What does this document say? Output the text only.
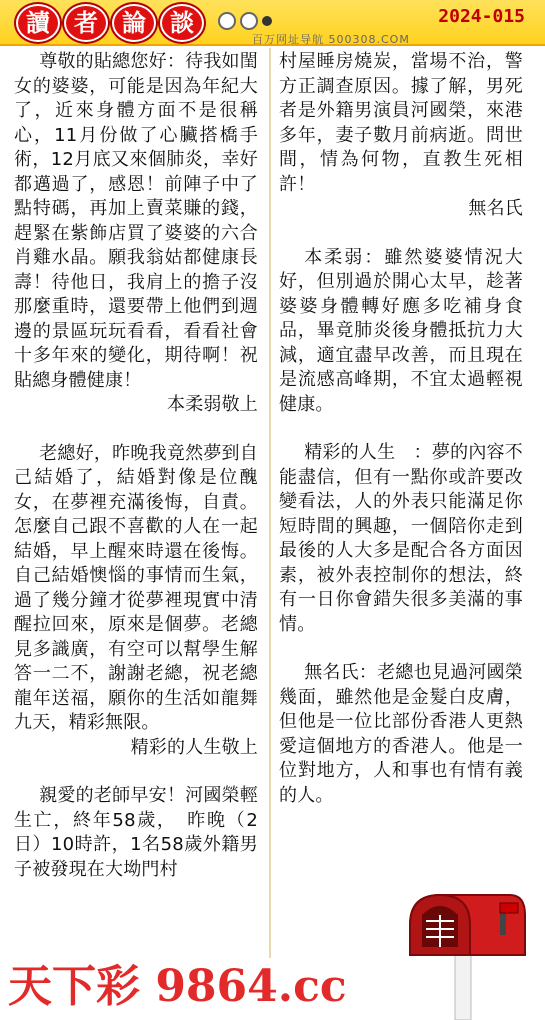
讀	者	論	談	2024-015
百万网址导航 500308.COM

尊敬的貼總您好：待我如閨女的婆婆，可能是因為年紀大了，近來身體方面不是很稱心，11月份做了心臟搭橋手術，12月底又來個肺炎，幸好都邁過了，感恩！前陣子中了點特碼，再加上賣菜賺的錢，趕緊在紫飾店買了婆婆的六合肖雞水晶。願我翁姑都健康長壽！待他日，我肩上的擔子沒那麼重時，還要帶上他們到週邊的景區玩玩看看，看看社會十多年來的變化，期待啊！祝貼總身體健康！

本柔弱敬上

老總好，昨晚我竟然夢到自己結婚了，結婚對像是位醜女，在夢裡充滿後悔，自責。怎麼自己跟不喜歡的人在一起結婚，早上醒來時還在後悔。自己結婚懊惱的事情而生氣，過了幾分鐘才從夢裡現實中清醒拉回來，原來是個夢。老總見多識廣，有空可以幫學生解答一二不，謝謝老總，祝老總龍年送福，願你的生活如龍舞九天，精彩無限。

精彩的人生敬上

親愛的老師早安！河國榮輕生亡，終年58歲，　昨晚（2日）10時許，1名58歲外籍男子被發現在大坳門村

村屋睡房燒炭，當場不治，警方正調查原因。據了解，男死者是外籍男演員河國榮，來港多年，妻子數月前病逝。問世間，情為何物，直教生死相許！

無名氏

本柔弱：雖然婆婆情況大好，但別過於開心太早，趁著婆婆身體轉好應多吃補身食品，畢竟肺炎後身體抵抗力大減，適宜盡早改善，而且現在是流感高峰期，不宜太過輕視健康。

精彩的人生　：夢的內容不能盡信，但有一點你或許要改變看法，人的外表只能滿足你短時間的興趣，一個陪你走到最後的人大多是配合各方面因素，被外表控制你的想法，終有一日你會錯失很多美滿的事情。

無名氏：老總也見過河國榮幾面，雖然他是金髮白皮膚，但他是一位比部份香港人更熱愛這個地方的香港人。他是一位對地方，人和事也有情有義的人。

天下彩 9864.cc
